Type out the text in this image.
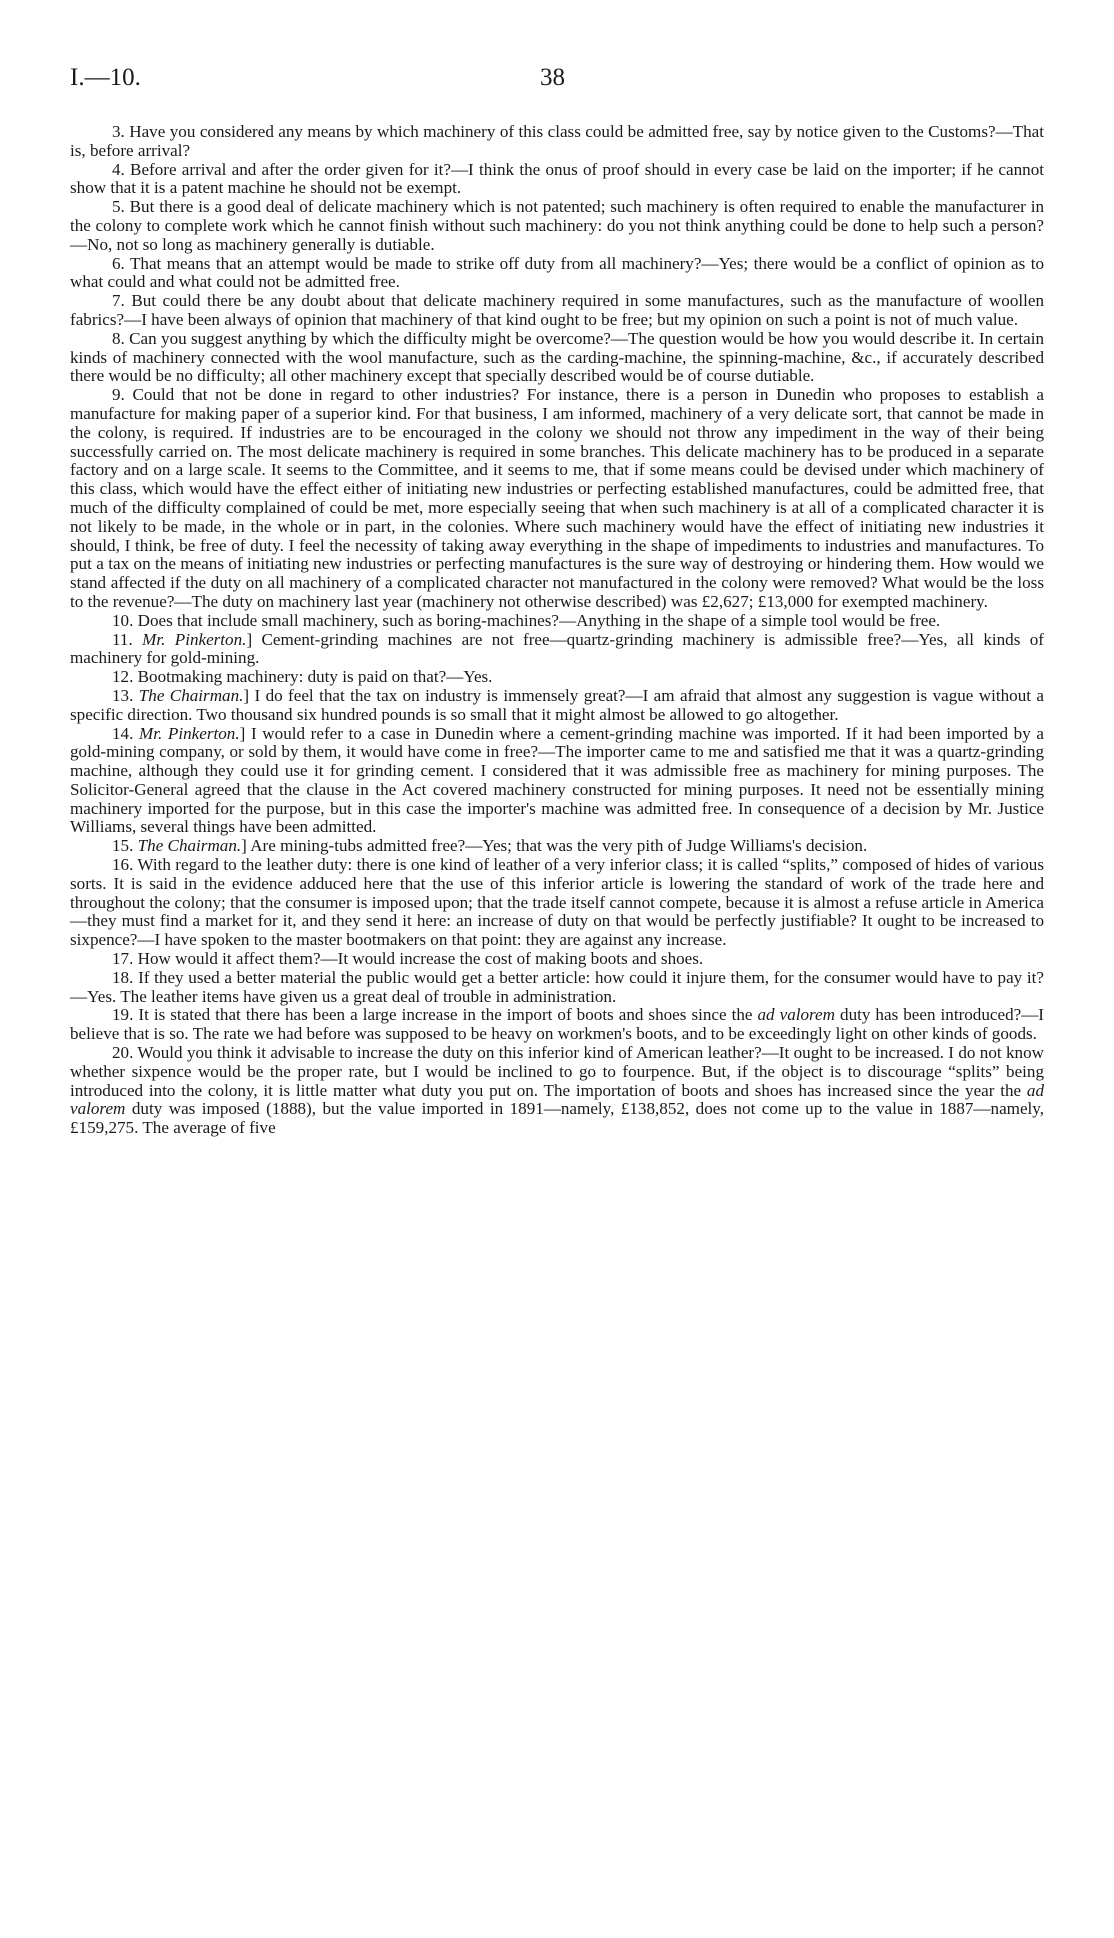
I.—10.	38

3. Have you considered any means by which machinery of this class could be admitted free, say by notice given to the Customs?—That is, before arrival?

4. Before arrival and after the order given for it?—I think the onus of proof should in every case be laid on the importer; if he cannot show that it is a patent machine he should not be exempt.

5. But there is a good deal of delicate machinery which is not patented; such machinery is often required to enable the manufacturer in the colony to complete work which he cannot finish without such machinery: do you not think anything could be done to help such a person?—No, not so long as machinery generally is dutiable.

6. That means that an attempt would be made to strike off duty from all machinery?—Yes; there would be a conflict of opinion as to what could and what could not be admitted free.

7. But could there be any doubt about that delicate machinery required in some manufactures, such as the manufacture of woollen fabrics?—I have been always of opinion that machinery of that kind ought to be free; but my opinion on such a point is not of much value.

8. Can you suggest anything by which the difficulty might be overcome?—The question would be how you would describe it. In certain kinds of machinery connected with the wool manufacture, such as the carding-machine, the spinning-machine, &c., if accurately described there would be no difficulty; all other machinery except that specially described would be of course dutiable.

9. Could that not be done in regard to other industries? For instance, there is a person in Dunedin who proposes to establish a manufacture for making paper of a superior kind. For that business, I am informed, machinery of a very delicate sort, that cannot be made in the colony, is required. If industries are to be encouraged in the colony we should not throw any impediment in the way of their being successfully carried on. The most delicate machinery is required in some branches. This delicate machinery has to be produced in a separate factory and on a large scale. It seems to the Committee, and it seems to me, that if some means could be devised under which machinery of this class, which would have the effect either of initiating new industries or perfecting established manufactures, could be admitted free, that much of the difficulty complained of could be met, more especially seeing that when such machinery is at all of a complicated character it is not likely to be made, in the whole or in part, in the colonies. Where such machinery would have the effect of initiating new industries it should, I think, be free of duty. I feel the necessity of taking away everything in the shape of impediments to industries and manufactures. To put a tax on the means of initiating new industries or perfecting manufactures is the sure way of destroying or hindering them. How would we stand affected if the duty on all machinery of a complicated character not manufactured in the colony were removed? What would be the loss to the revenue?—The duty on machinery last year (machinery not otherwise described) was £2,627; £13,000 for exempted machinery.

10. Does that include small machinery, such as boring-machines?—Anything in the shape of a simple tool would be free.

11. Mr. Pinkerton.] Cement-grinding machines are not free—quartz-grinding machinery is admissible free?—Yes, all kinds of machinery for gold-mining.

12. Bootmaking machinery: duty is paid on that?—Yes.

13. The Chairman.] I do feel that the tax on industry is immensely great?—I am afraid that almost any suggestion is vague without a specific direction. Two thousand six hundred pounds is so small that it might almost be allowed to go altogether.

14. Mr. Pinkerton.] I would refer to a case in Dunedin where a cement-grinding machine was imported. If it had been imported by a gold-mining company, or sold by them, it would have come in free?—The importer came to me and satisfied me that it was a quartz-grinding machine, although they could use it for grinding cement. I considered that it was admissible free as machinery for mining purposes. The Solicitor-General agreed that the clause in the Act covered machinery constructed for mining purposes. It need not be essentially mining machinery imported for the purpose, but in this case the importer's machine was admitted free. In consequence of a decision by Mr. Justice Williams, several things have been admitted.

15. The Chairman.] Are mining-tubs admitted free?—Yes; that was the very pith of Judge Williams's decision.

16. With regard to the leather duty: there is one kind of leather of a very inferior class; it is called “splits,” composed of hides of various sorts. It is said in the evidence adduced here that the use of this inferior article is lowering the standard of work of the trade here and throughout the colony; that the consumer is imposed upon; that the trade itself cannot compete, because it is almost a refuse article in America—they must find a market for it, and they send it here: an increase of duty on that would be perfectly justifiable? It ought to be increased to sixpence?—I have spoken to the master bootmakers on that point: they are against any increase.

17. How would it affect them?—It would increase the cost of making boots and shoes.

18. If they used a better material the public would get a better article: how could it injure them, for the consumer would have to pay it?—Yes. The leather items have given us a great deal of trouble in administration.

19. It is stated that there has been a large increase in the import of boots and shoes since the ad valorem duty has been introduced?—I believe that is so. The rate we had before was supposed to be heavy on workmen's boots, and to be exceedingly light on other kinds of goods.

20. Would you think it advisable to increase the duty on this inferior kind of American leather?—It ought to be increased. I do not know whether sixpence would be the proper rate, but I would be inclined to go to fourpence. But, if the object is to discourage “splits” being introduced into the colony, it is little matter what duty you put on. The importation of boots and shoes has increased since the year the ad valorem duty was imposed (1888), but the value imported in 1891—namely, £138,852, does not come up to the value in 1887—namely, £159,275. The average of five
